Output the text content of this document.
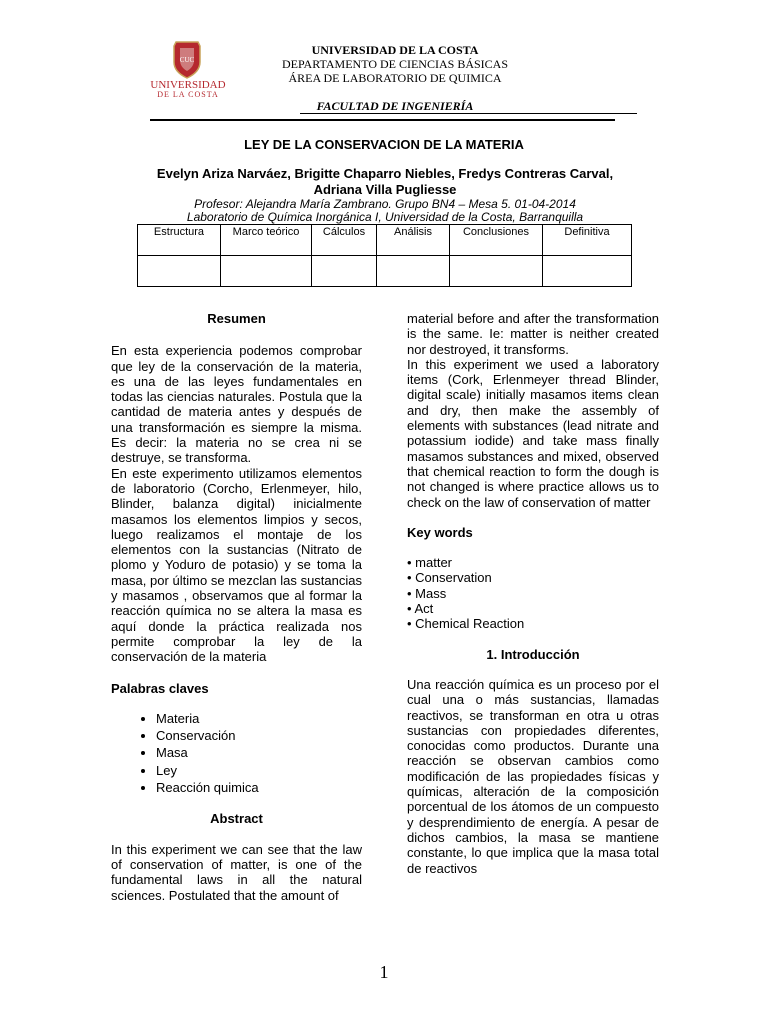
CUC
UNIVERSIDAD
DE LA COSTA
UNIVERSIDAD DE LA COSTA
DEPARTAMENTO DE CIENCIAS BÁSICAS
ÁREA DE LABORATORIO DE QUIMICA
FACULTAD DE INGENIERÍA
LEY DE LA CONSERVACION DE LA MATERIA
Evelyn Ariza Narváez, Brigitte Chaparro Niebles, Fredys Contreras Carval,
Adriana Villa Pugliesse
Profesor: Alejandra María Zambrano. Grupo BN4 – Mesa 5. 01-04-2014
Laboratorio de Química Inorgánica I, Universidad de la Costa, Barranquilla
Estructura	Marco teórico	Cálculos	Análisis	Conclusiones	Definitiva

Resumen

En esta experiencia podemos comprobar que ley de la conservación de la materia, es una de las leyes fundamentales en todas las ciencias naturales. Postula que la cantidad de materia antes y después de una transformación es siempre la misma. Es decir: la materia no se crea ni se destruye, se transforma.

En este experimento utilizamos elementos de laboratorio (Corcho, Erlenmeyer, hilo, Blinder, balanza digital) inicialmente masamos los elementos limpios y secos, luego realizamos el montaje de los elementos con la sustancias (Nitrato de plomo y Yoduro de potasio) y se toma la masa, por último se mezclan las sustancias y masamos , observamos que al formar la reacción química no se altera la masa es aquí donde la práctica realizada nos permite comprobar la ley de la conservación de la materia

Palabras claves

• Materia
• Conservación
• Masa
• Ley
• Reacción quimica

Abstract

In this experiment we can see that the law of conservation of matter, is one of the fundamental laws in all the natural sciences. Postulated that the amount of

material before and after the transformation is the same. Ie: matter is neither created nor destroyed, it transforms.

In this experiment we used a laboratory items (Cork, Erlenmeyer thread Blinder, digital scale) initially masamos items clean and dry, then make the assembly of elements with substances (lead nitrate and potassium iodide) and take mass finally masamos substances and mixed, observed that chemical reaction to form the dough is not changed is where practice allows us to check on the law of conservation of matter

Key words

• matter
• Conservation
• Mass
• Act
• Chemical Reaction

1. Introducción

Una reacción química es un proceso por el cual una o más sustancias, llamadas reactivos, se transforman en otra u otras sustancias con propiedades diferentes, conocidas como productos. Durante una reacción se observan cambios como modificación de las propiedades físicas y químicas, alteración de la composición porcentual de los átomos de un compuesto y desprendimiento de energía. A pesar de dichos cambios, la masa se mantiene constante, lo que implica que la masa total de reactivos

1
